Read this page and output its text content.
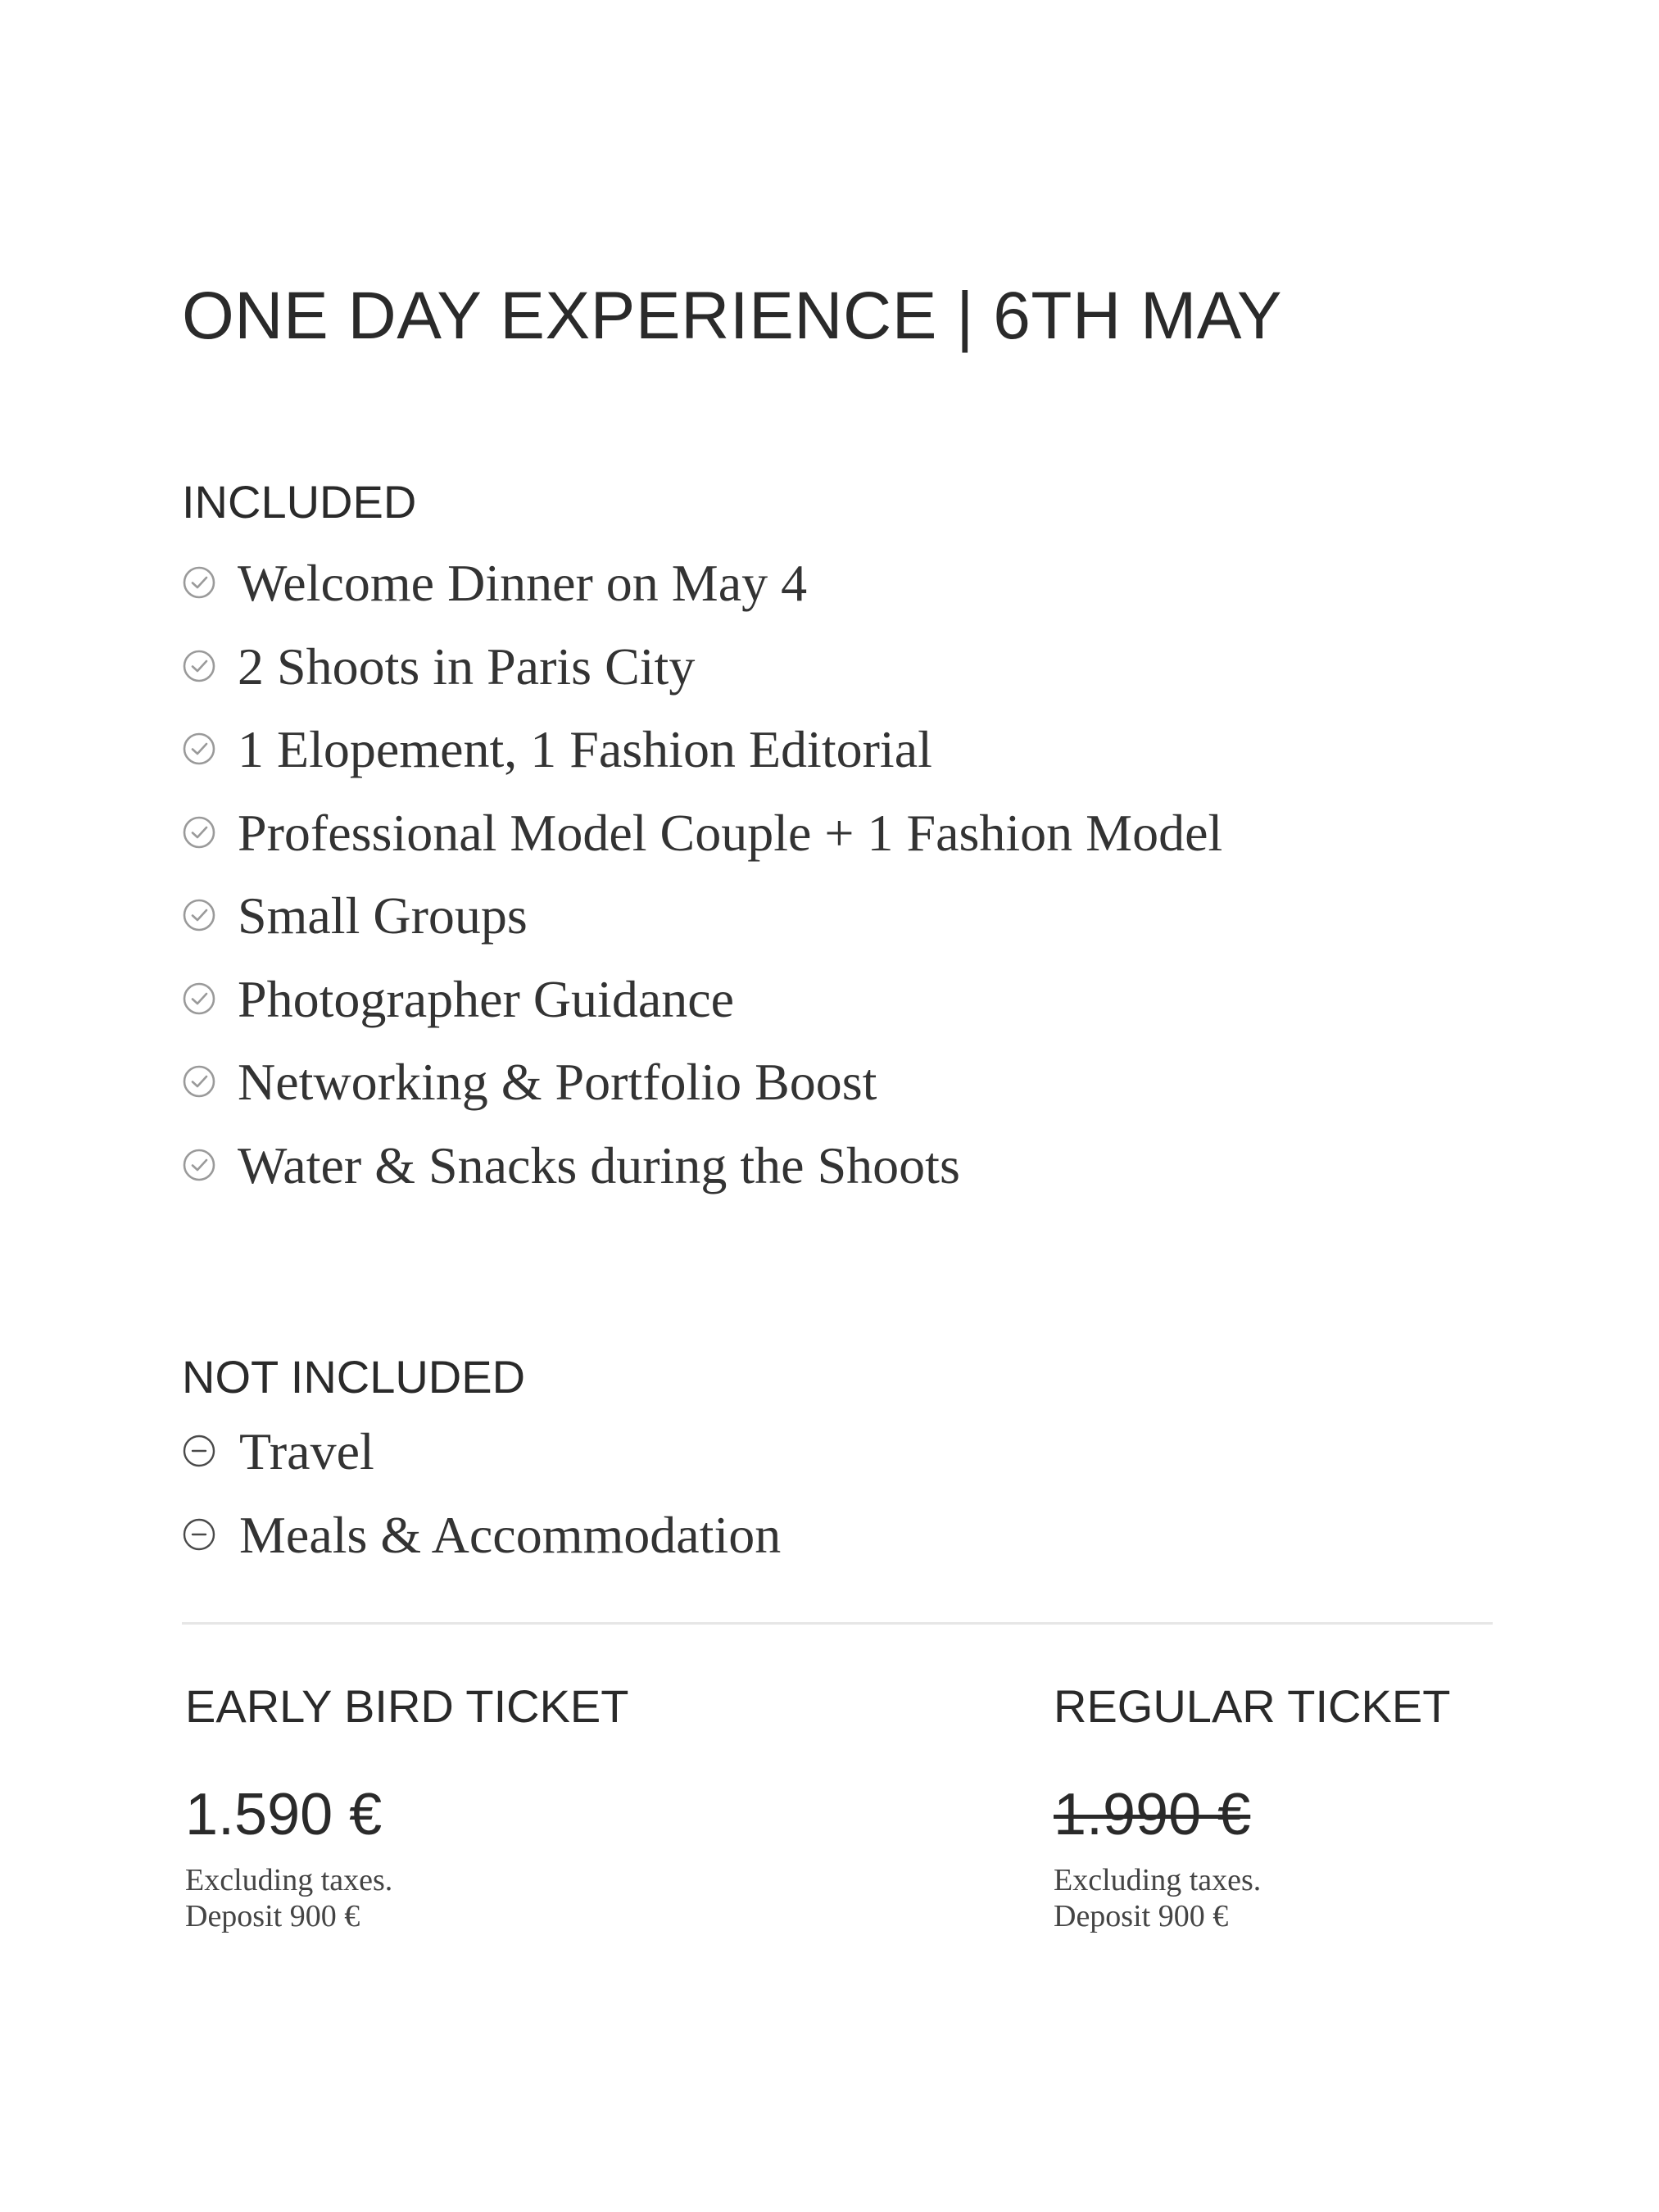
ONE DAY EXPERIENCE | 6TH MAY
INCLUDED
Welcome Dinner on May 4
2 Shoots in Paris City
1 Elopement, 1 Fashion Editorial
Professional Model Couple + 1 Fashion Model
Small Groups
Photographer Guidance
Networking & Portfolio Boost
Water & Snacks during the Shoots
NOT INCLUDED
Travel
Meals & Accommodation
EARLY BIRD TICKET
1.590 €
Excluding taxes.
Deposit 900 €
REGULAR TICKET
1.990 €
Excluding taxes.
Deposit 900 €
